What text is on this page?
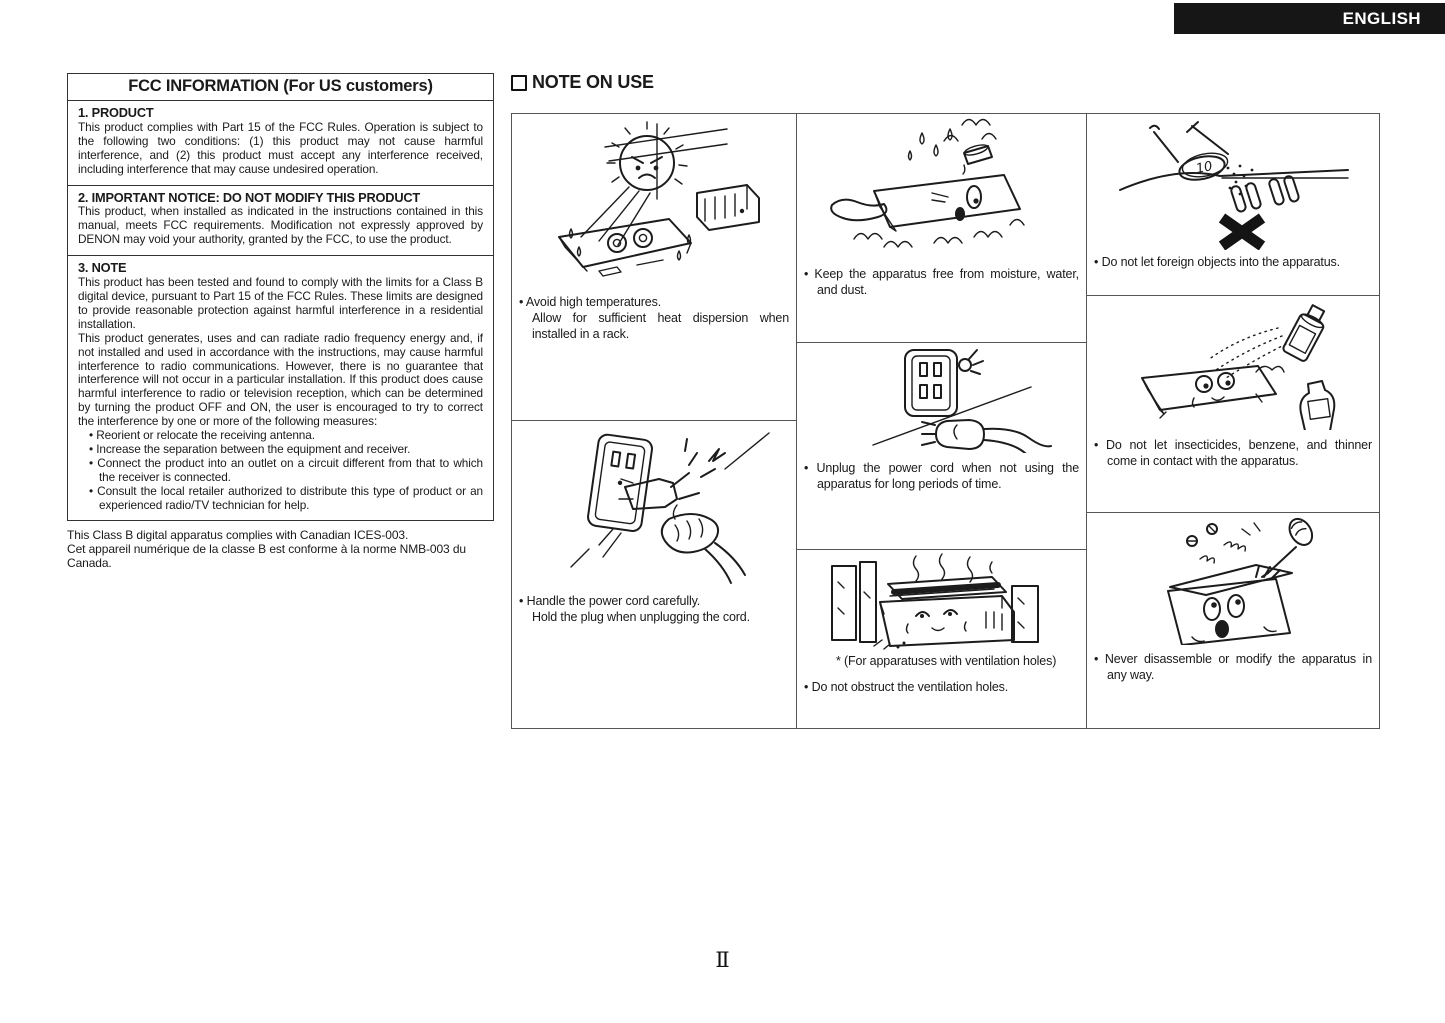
ENGLISH
FCC INFORMATION (For US customers)
1. PRODUCT
This product complies with Part 15 of the FCC Rules. Operation is subject to the following two conditions: (1) this product may not cause harmful interference, and (2) this product must accept any interference received, including interference that may cause undesired operation.
2. IMPORTANT NOTICE: DO NOT MODIFY THIS PRODUCT
This product, when installed as indicated in the instructions contained in this manual, meets FCC requirements. Modification not expressly approved by DENON may void your authority, granted by the FCC, to use the product.
3. NOTE
This product has been tested and found to comply with the limits for a Class B digital device, pursuant to Part 15 of the FCC Rules. These limits are designed to provide reasonable protection against harmful interference in a residential installation.
This product generates, uses and can radiate radio frequency energy and, if not installed and used in accordance with the instructions, may cause harmful interference to radio communications. However, there is no guarantee that interference will not occur in a particular installation. If this product does cause harmful interference to radio or television reception, which can be determined by turning the product OFF and ON, the user is encouraged to try to correct the interference by one or more of the following measures:
• Reorient or relocate the receiving antenna.
• Increase the separation between the equipment and receiver.
• Connect the product into an outlet on a circuit different from that to which the receiver is connected.
• Consult the local retailer authorized to distribute this type of product or an experienced radio/TV technician for help.
This Class B digital apparatus complies with Canadian ICES-003.
Cet appareil numérique de la classe B est conforme à la norme NMB-003 du Canada.
NOTE ON USE
• Avoid high temperatures.
Allow for sufficient heat dispersion when installed in a rack.
• Handle the power cord carefully.
Hold the plug when unplugging the cord.
• Keep the apparatus free from moisture, water, and dust.
• Unplug the power cord when not using the apparatus for long periods of time.
* (For apparatuses with ventilation holes)
• Do not obstruct the ventilation holes.
10
• Do not let foreign objects into the apparatus.
• Do not let insecticides, benzene, and thinner come in contact with the apparatus.
• Never disassemble or modify the apparatus in any way.
Ⅱ
